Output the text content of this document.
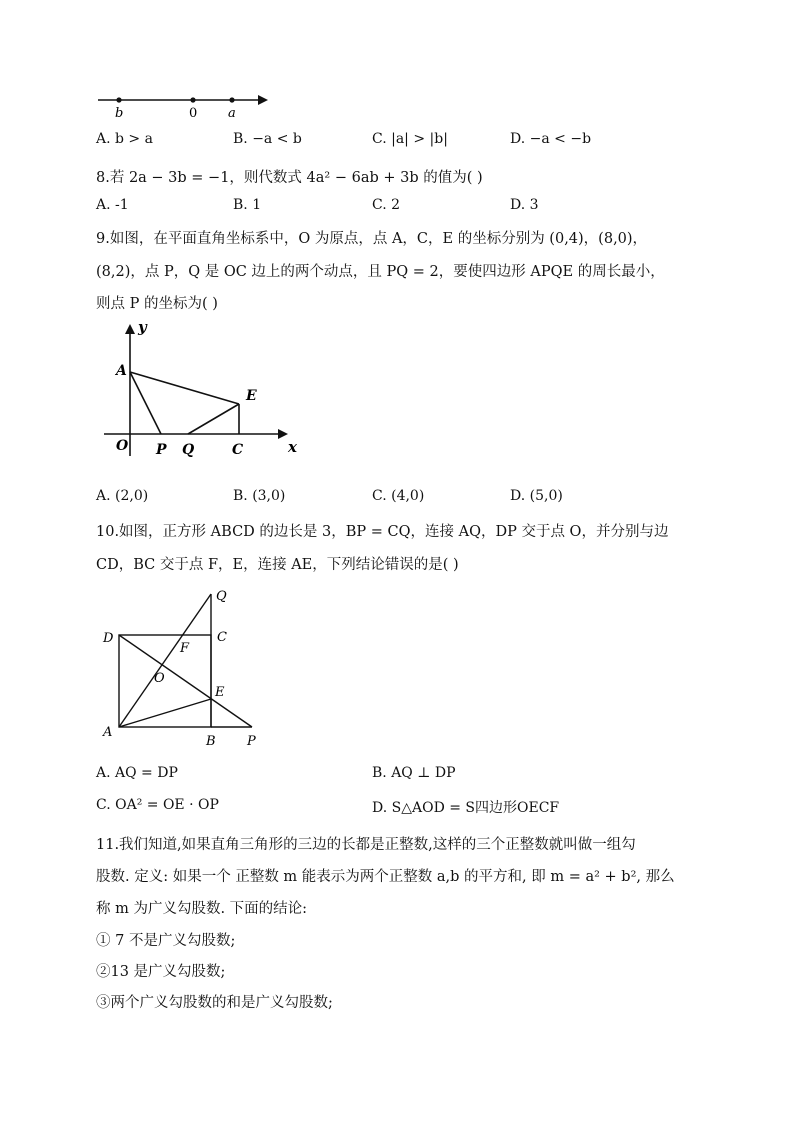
b	0 a
A. b > a	B. −a < b	C. |a| > |b|	D. −a < −b
8.若 2a − 3b = −1，则代数式 4a² − 6ab + 3b 的值为( )
A. -1	B. 1	C. 2	D. 3
9.如图，在平面直角坐标系中，O 为原点，点 A，C，E 的坐标分别为 (0,4)，(8,0)，
(8,2)，点 P，Q 是 OC 边上的两个动点，且 PQ = 2，要使四边形 APQE 的周长最小，
则点 P 的坐标为( )
y
x
A
E
O P Q	C
A. (2,0)	B. (3,0)	C. (4,0)	D. (5,0)
10.如图，正方形 ABCD 的边长是 3，BP = CQ，连接 AQ，DP 交于点 O，并分别与边
CD，BC 交于点 F，E，连接 AE，下列结论错误的是( )
Q
D	C
F
O
E
A
B P
A. AQ = DP	B. AQ ⊥ DP
C. OA² = OE · OP	D. S△AOD = S四边形OECF
11.我们知道,如果直角三角形的三边的长都是正整数,这样的三个正整数就叫做一组勾
股数. 定义: 如果一个 正整数 m 能表示为两个正整数 a,b 的平方和, 即 m = a² + b², 那么
称 m 为广义勾股数. 下面的结论:
① 7 不是广义勾股数;
②13 是广义勾股数;
③两个广义勾股数的和是广义勾股数;
